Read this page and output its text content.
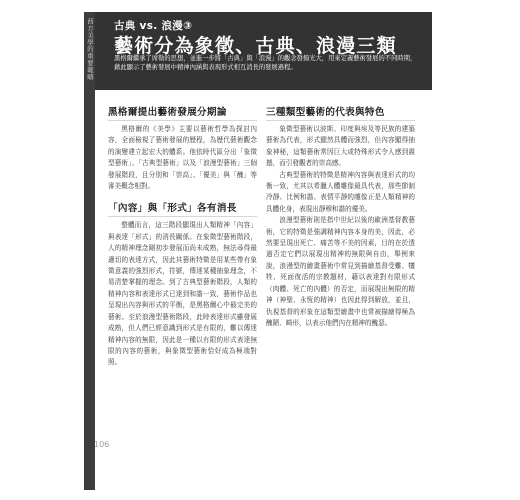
西方美學的重要範疇 古典 vs. 浪漫③
藝術分為象徵、古典、浪漫三類

黑格爾繼承了席勒的思想，並進一步將「古典」與「浪漫」的觀念發揚光大，用來定義藝術發展的不同時期，藉此顯示了藝術發展中精神內涵與表現形式相互消長的發展過程。

黑格爾提出藝術發展分期論

黑格爾的《美學》主要以藝術哲學為探討內容，全面檢視了藝術發展的歷程，為歷代藝術觀念的演變建立起宏大的體系。他依時代區分出「象徵型藝術」、「古典型藝術」以及「浪漫型藝術」三個發展階段，且分別和「崇高」、「優美」與「醜」等審美概念相對。

「內容」與「形式」各有消長

整體而言，這三階段顯現出人類精神「內容」與表達「形式」的消長關係。在象徵型藝術階段，人的精神理念剛初步發展而尚未成熟，無法尋得最適切的表達方式，因此其藝術特徵是用某些帶有象徵意義的強烈形式，符號，傳達某種抽象理念，不易清楚掌握的理念。到了古典型藝術階段，人類的精神內容和表達形式已達到和諧一致，藝術作品也呈現出內容與形式的平衡，是黑格爾心中最完美的藝術。至於浪漫型藝術階段，此時表達形式雖發展成熟，但人們已經意識到形式是有限的，難以傳達精神內容的無限，因此是一種以有限的形式表達無限的內容的藝術，與象徵型藝術恰好成為極端對照。

三種類型藝術的代表與特色

象徵型藝術以波斯、印度與埃及等民族的建築藝術為代表，形式顯然具體而強烈，但內容顯得抽象神秘，這類藝術常因巨大或特殊形式令人感到震撼，而引發觀者的崇高感。

古典型藝術的特徵是精神內容與表達形式的均衡一致，尤其以希臘人體雕像最具代表，那些節制冷靜、比例和諧、表情平靜的雕像正是人類精神的具體化身，表現出靜穆和諧的優美。

浪漫型藝術則是指中世紀以後的歐洲基督教藝術，它的特徵是強調精神內容本身的美，因此，必然要呈現出死亡、痛苦等不美的因素，目的在於透過否定它們以展現出精神的無限與自由，舉例來說，浪漫型的繪畫藝術中常見到描繪基督受難、犧牲、死面復活的宗教題材，藉以表達對有限形式（肉體、死亡的內體）的否定，而展現出無限的精神（神聖、永恆的精神）也因此得到解放，並且，仇視基督的形象在這類型繪畫中也常被描繪得極為醜陋、畸形，以表示他們內在精神的醜惡。

106
